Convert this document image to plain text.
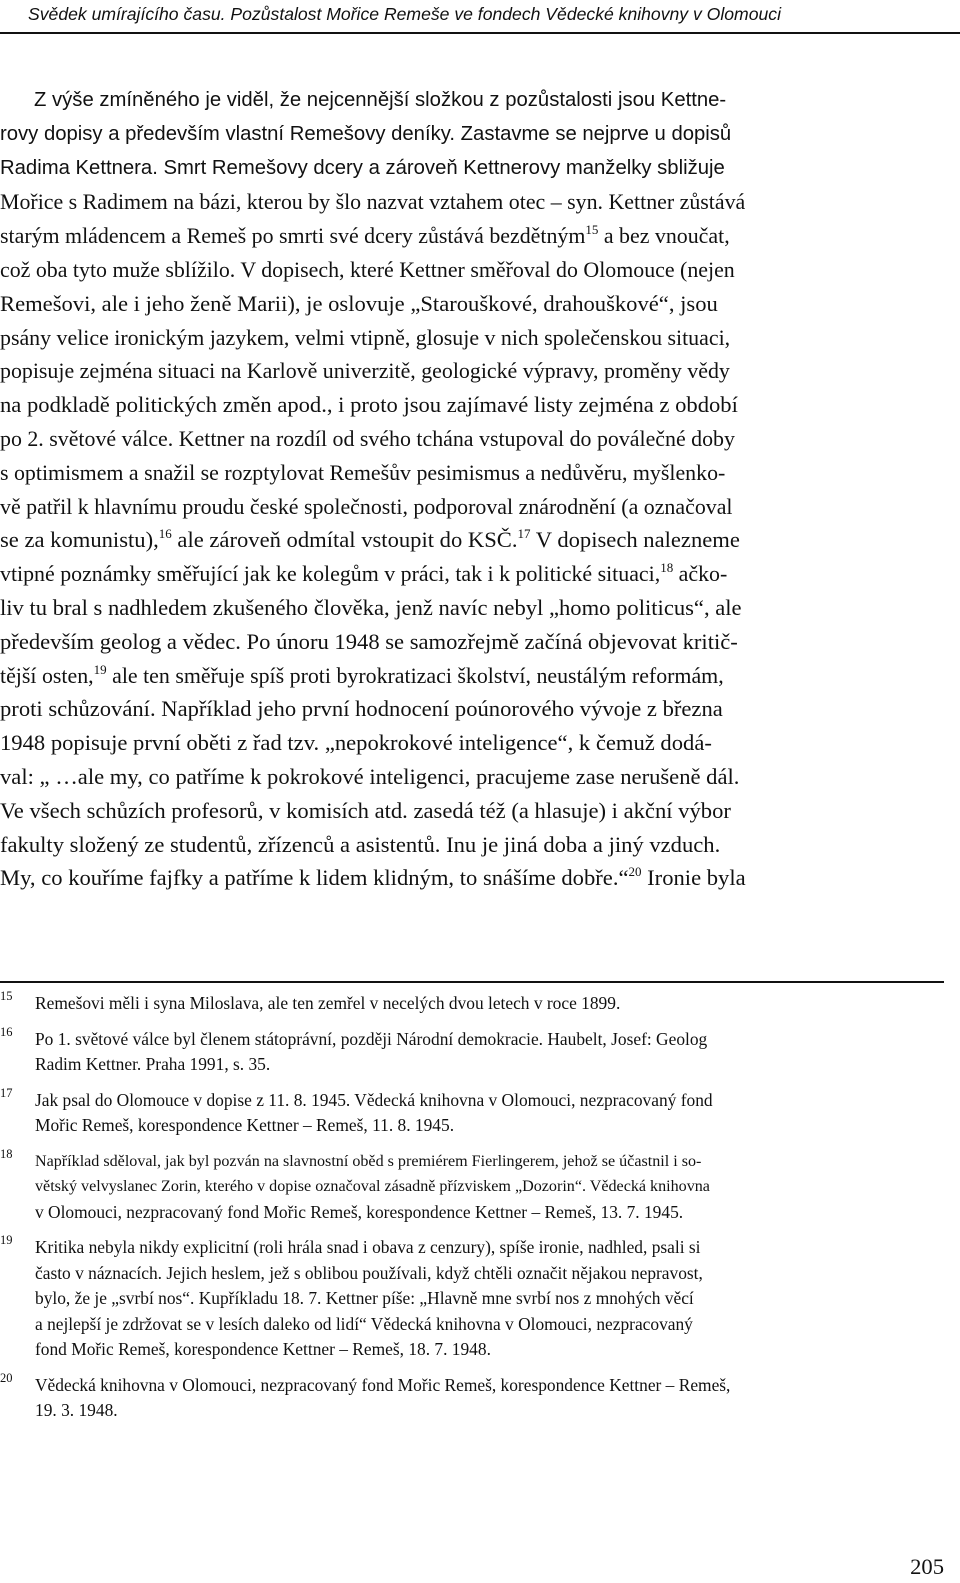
Svědek umírajícího času. Pozůstalost Mořice Remeše ve fondech Vědecké knihovny v Olomouci
Z výše zmíněného je viděl, že nejcennější složkou z pozůstalosti jsou Kettne-
rovy dopisy a především vlastní Remešovy deníky. Zastavme se nejprve u dopisů
Radima Kettnera. Smrt Remešovy dcery a zároveň Kettnerovy manželky sbližuje
Mořice s Radimem na bázi, kterou by šlo nazvat vztahem otec – syn. Kettner zůstává
starým mládencem a Remeš po smrti své dcery zůstává bezdětným$^{15}$ a bez vnoučat,
což oba tyto muže sblížilo. V dopisech, které Kettner směřoval do Olomouce (nejen
Remešovi, ale i jeho ženě Marii), je oslovuje „Starouškové, drahouškové“, jsou
psány velice ironickým jazykem, velmi vtipně, glosuje v nich společenskou situaci,
popisuje zejména situaci na Karlově univerzitě, geologické výpravy, proměny vědy
na podkladě politických změn apod., i proto jsou zajímavé listy zejména z období
po 2. světové válce. Kettner na rozdíl od svého tchána vstupoval do poválečné doby
s optimismem a snažil se rozptylovat Remešův pesimismus a nedůvěru, myšlenko-
vě patřil k hlavnímu proudu české společnosti, podporoval znárodnění (a označoval
se za komunistu),$^{16}$ ale zároveň odmítal vstoupit do KSČ.$^{17}$ V dopisech nalezneme
vtipné poznámky směřující jak ke kolegům v práci, tak i k politické situaci,$^{18}$ ačko-
liv tu bral s nadhledem zkušeného člověka, jenž navíc nebyl „homo politicus“, ale
především geolog a vědec. Po únoru 1948 se samozřejmě začíná objevovat kritič-
tější osten,$^{19}$ ale ten směřuje spíš proti byrokratizaci školství, neustálým reformám,
proti schůzování. Například jeho první hodnocení poúnorového vývoje z března
1948 popisuje první oběti z řad tzv. „nepokrokové inteligence“, k čemuž dodá-
val: „ …ale my, co patříme k pokrokové inteligenci, pracujeme zase nerušeně dál.
Ve všech schůzích profesorů, v komisích atd. zasedá též (a hlasuje) i akční výbor
fakulty složený ze studentů, zřízenců a asistentů. Inu je jiná doba a jiný vzduch.
My, co kouříme fajfky a patříme k lidem klidným, to snášíme dobře.“$^{20}$ Ironie byla
15 Remešovi měli i syna Miloslava, ale ten zemřel v necelých dvou letech v roce 1899.
16 Po 1. světové válce byl členem státoprávní, později Národní demokracie. Haubelt, Josef: Geolog
Radim Kettner. Praha 1991, s. 35.
17 Jak psal do Olomouce v dopise z 11. 8. 1945. Vědecká knihovna v Olomouci, nezpracovaný fond
Mořic Remeš, korespondence Kettner – Remeš, 11. 8. 1945.
18 Například sděloval, jak byl pozván na slavnostní oběd s premiérem Fierlingerem, jehož se účastnil i so-
větský velvyslanec Zorin, kterého v dopise označoval zásadně přízviskem „Dozorin“. Vědecká knihovna
v Olomouci, nezpracovaný fond Mořic Remeš, korespondence Kettner – Remeš, 13. 7. 1945.
19 Kritika nebyla nikdy explicitní (roli hrála snad i obava z cenzury), spíše ironie, nadhled, psali si
často v náznacích. Jejich heslem, jež s oblibou používali, když chtěli označit nějakou nepravost,
bylo, že je „svrbí nos“. Kupříkladu 18. 7. Kettner píše: „Hlavně mne svrbí nos z mnohých věcí
a nejlepší je zdržovat se v lesích daleko od lidí“ Vědecká knihovna v Olomouci, nezpracovaný
fond Mořic Remeš, korespondence Kettner – Remeš, 18. 7. 1948.
20 Vědecká knihovna v Olomouci, nezpracovaný fond Mořic Remeš, korespondence Kettner – Remeš,
19. 3. 1948.
205
